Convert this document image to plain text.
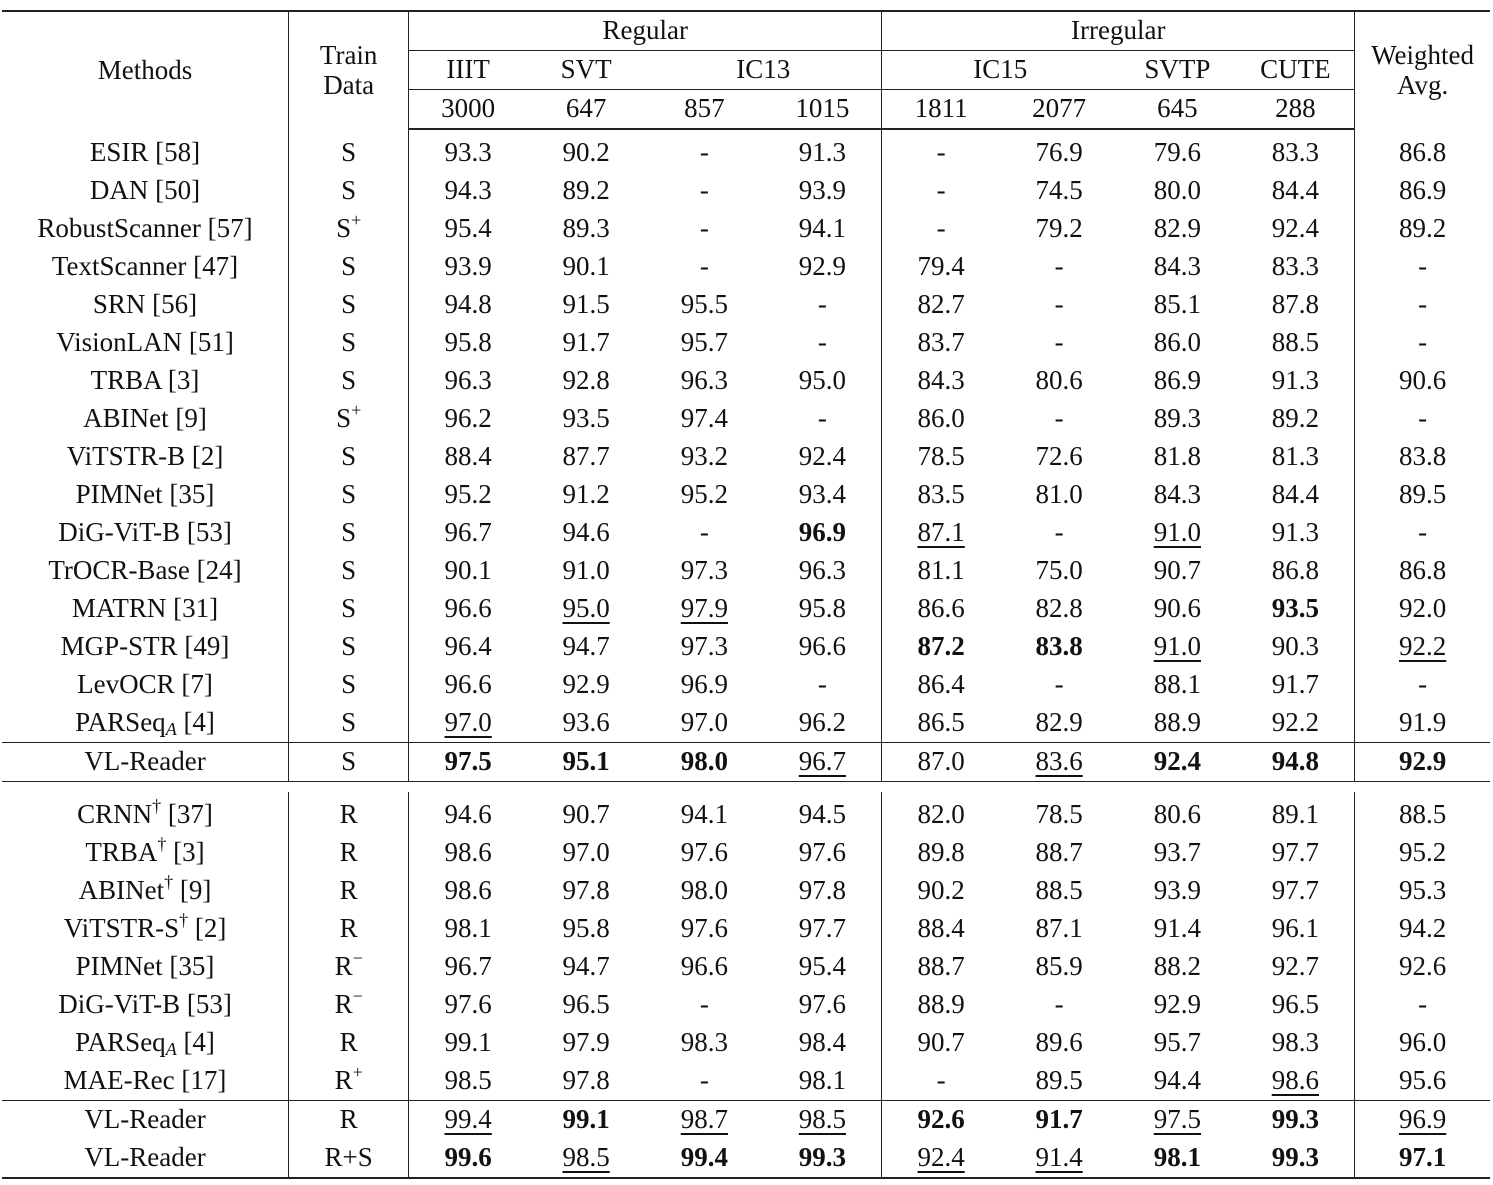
Methods	Train
Data	Regular				Irregular				Weighted
Avg.
		IIIT	SVT	IC13		IC15		SVTP	CUTE	
		3000	647	857	1015	1811	2077	645	288	
ESIR [58]	S	93.3	90.2	-	91.3	-	76.9	79.6	83.3	86.8
DAN [50]	S	94.3	89.2	-	93.9	-	74.5	80.0	84.4	86.9
RobustScanner [57]	S+	95.4	89.3	-	94.1	-	79.2	82.9	92.4	89.2
TextScanner [47]	S	93.9	90.1	-	92.9	79.4	-	84.3	83.3	-
SRN [56]	S	94.8	91.5	95.5	-	82.7	-	85.1	87.8	-
VisionLAN [51]	S	95.8	91.7	95.7	-	83.7	-	86.0	88.5	-
TRBA [3]	S	96.3	92.8	96.3	95.0	84.3	80.6	86.9	91.3	90.6
ABINet [9]	S+	96.2	93.5	97.4	-	86.0	-	89.3	89.2	-
ViTSTR-B [2]	S	88.4	87.7	93.2	92.4	78.5	72.6	81.8	81.3	83.8
PIMNet [35]	S	95.2	91.2	95.2	93.4	83.5	81.0	84.3	84.4	89.5
DiG-ViT-B [53]	S	96.7	94.6	-	96.9	87.1	-	91.0	91.3	-
TrOCR-Base [24]	S	90.1	91.0	97.3	96.3	81.1	75.0	90.7	86.8	86.8
MATRN [31]	S	96.6	95.0	97.9	95.8	86.6	82.8	90.6	93.5	92.0
MGP-STR [49]	S	96.4	94.7	97.3	96.6	87.2	83.8	91.0	90.3	92.2
LevOCR [7]	S	96.6	92.9	96.9	-	86.4	-	88.1	91.7	-
PARSeq$_A$ [4]	S	97.0	93.6	97.0	96.2	86.5	82.9	88.9	92.2	91.9
VL-Reader	S	97.5	95.1	98.0	96.7	87.0	83.6	92.4	94.8	92.9

CRNN† [37]	R	94.6	90.7	94.1	94.5	82.0	78.5	80.6	89.1	88.5
TRBA† [3]	R	98.6	97.0	97.6	97.6	89.8	88.7	93.7	97.7	95.2
ABINet† [9]	R	98.6	97.8	98.0	97.8	90.2	88.5	93.9	97.7	95.3
ViTSTR-S† [2]	R	98.1	95.8	97.6	97.7	88.4	87.1	91.4	96.1	94.2
PIMNet [35]	R−	96.7	94.7	96.6	95.4	88.7	85.9	88.2	92.7	92.6
DiG-ViT-B [53]	R−	97.6	96.5	-	97.6	88.9	-	92.9	96.5	-
PARSeq$_A$ [4]	R	99.1	97.9	98.3	98.4	90.7	89.6	95.7	98.3	96.0
MAE-Rec [17]	R+	98.5	97.8	-	98.1	-	89.5	94.4	98.6	95.6
VL-Reader	R	99.4	99.1	98.7	98.5	92.6	91.7	97.5	99.3	96.9
VL-Reader	R+S	99.6	98.5	99.4	99.3	92.4	91.4	98.1	99.3	97.1
